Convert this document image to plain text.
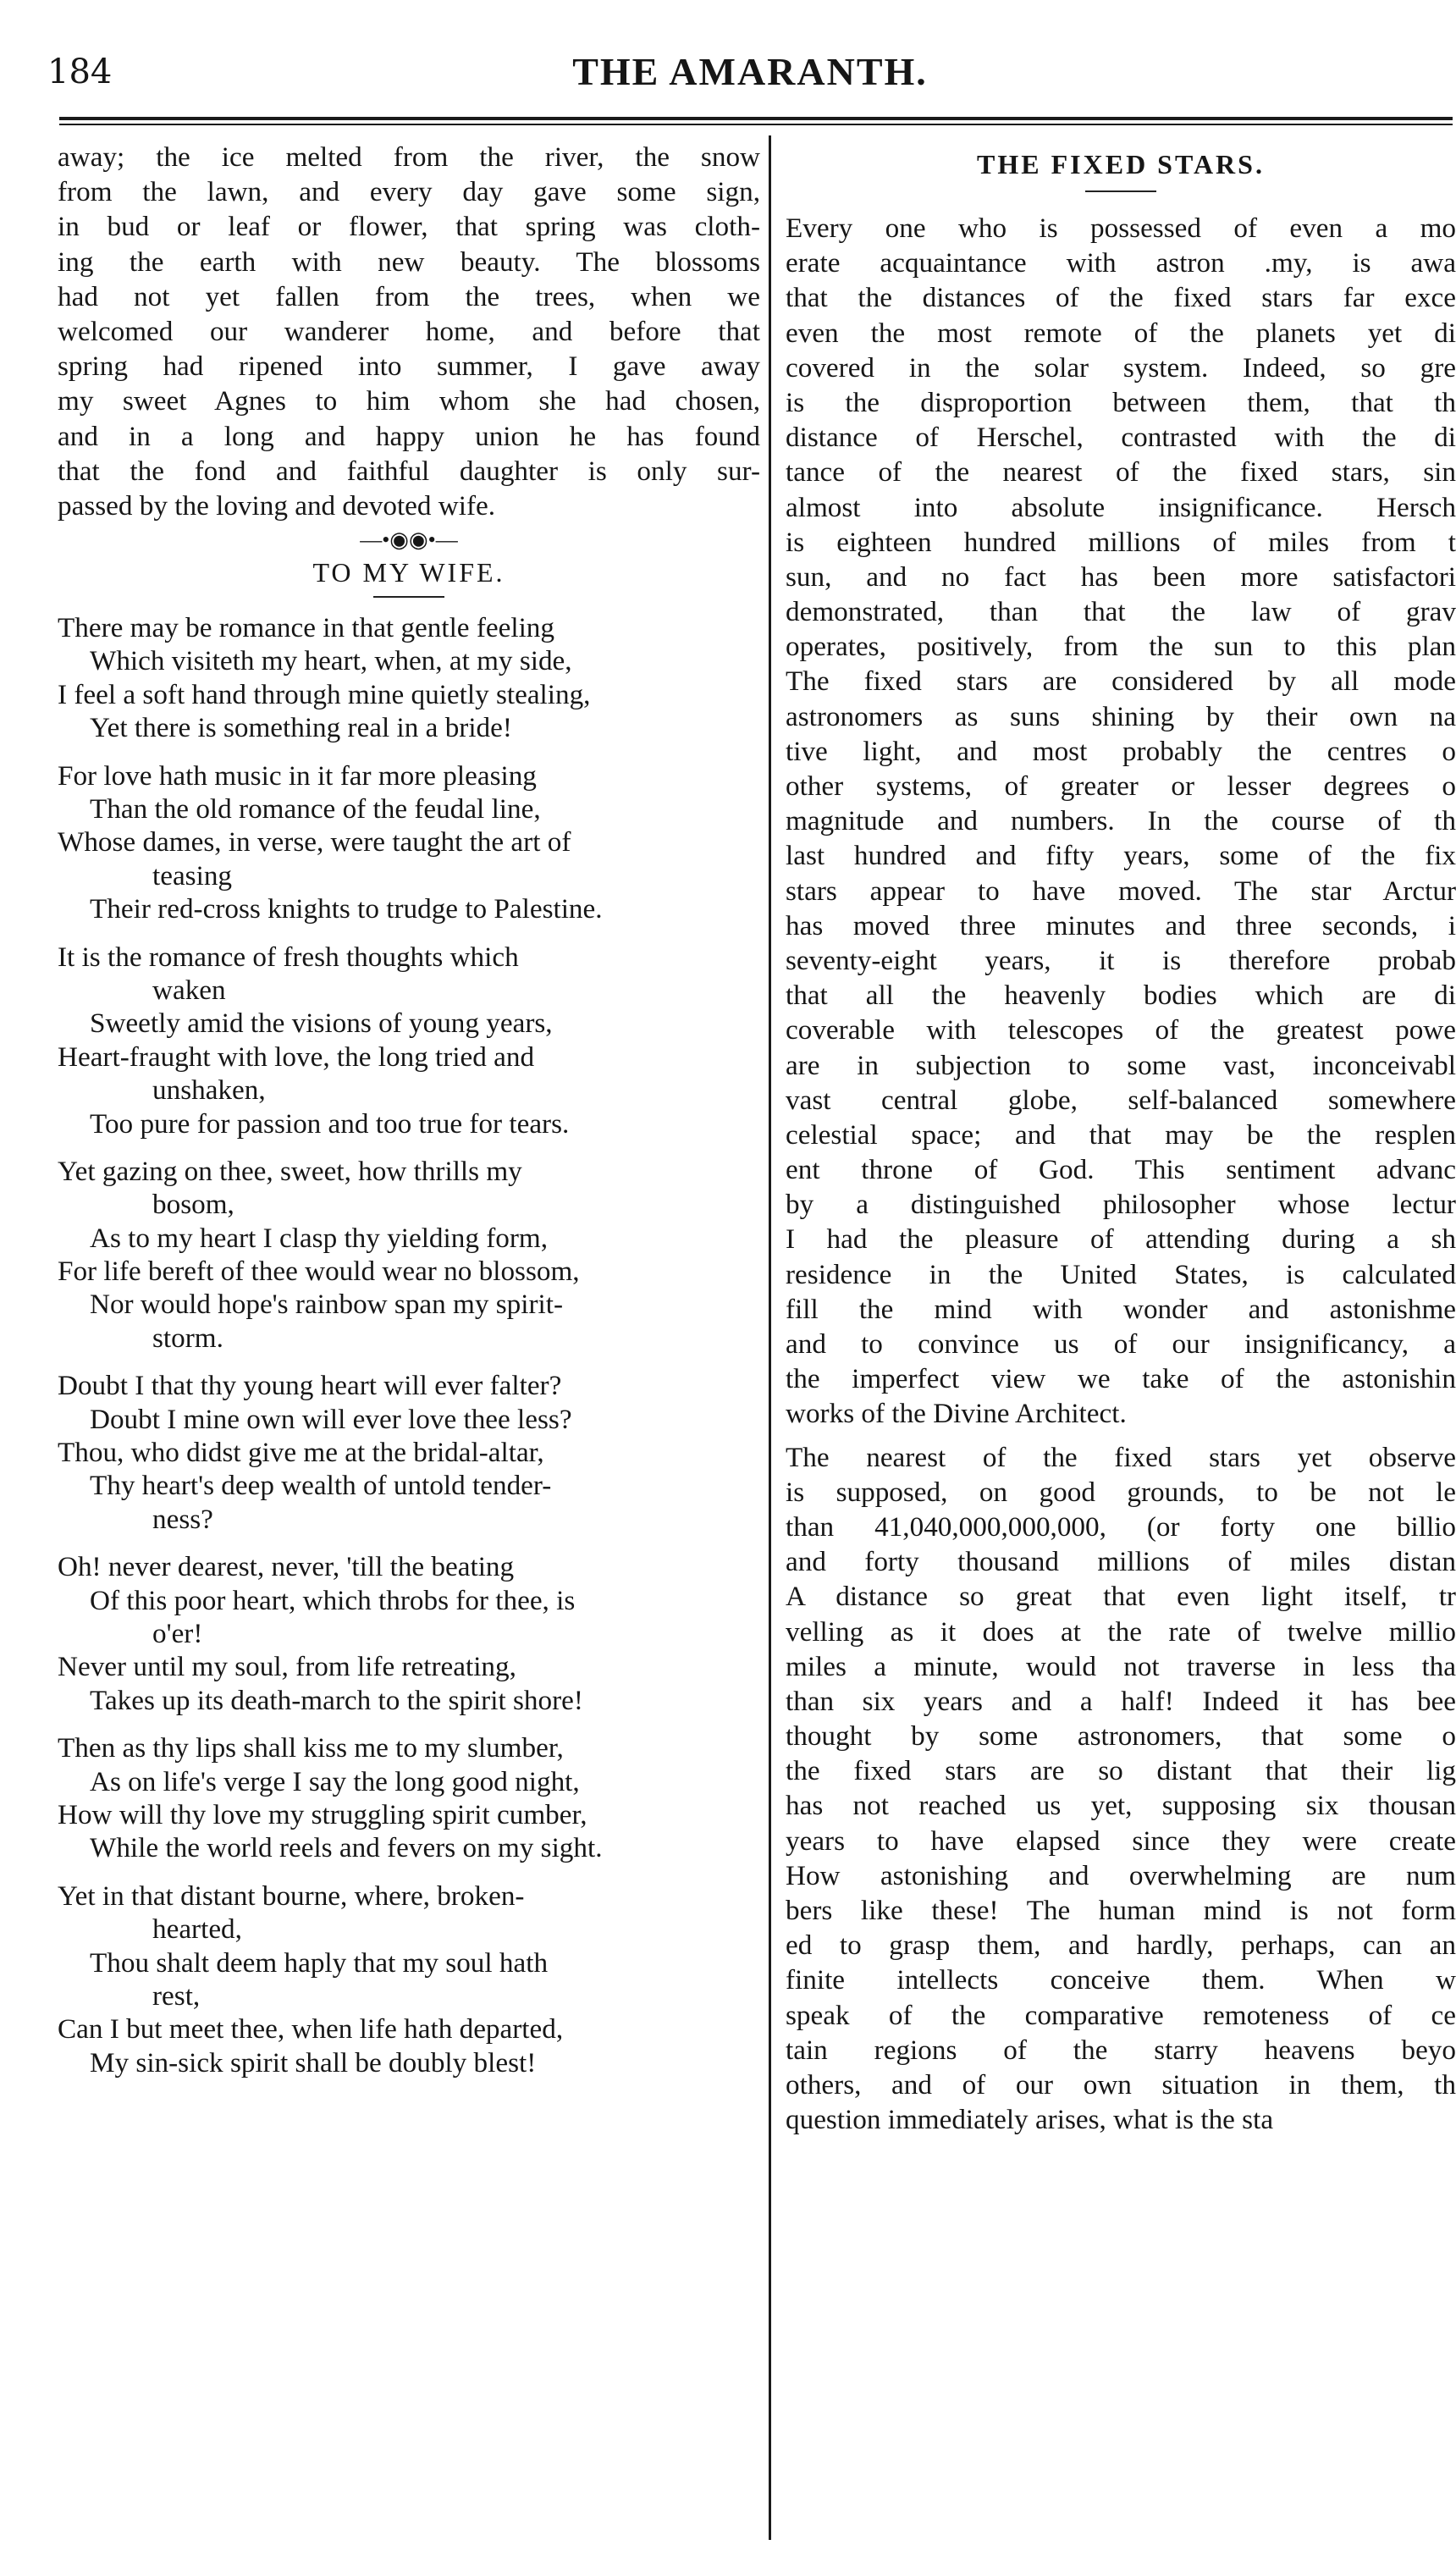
184	THE AMARANTH.
away; the ice melted from the river, the snow
from the lawn, and every day gave some sign,
in bud or leaf or flower, that spring was cloth-
ing the earth with new beauty. The blossoms
had not yet fallen from the trees, when we
welcomed our wanderer home, and before that
spring had ripened into summer, I gave away
my sweet Agnes to him whom she had chosen,
and in a long and happy union he has found
that the fond and faithful daughter is only sur-
passed by the loving and devoted wife.
—•◉◉•—
TO MY WIFE.
There may be romance in that gentle feeling
Which visiteth my heart, when, at my side,
I feel a soft hand through mine quietly stealing,
Yet there is something real in a bride!
For love hath music in it far more pleasing
Than the old romance of the feudal line,
Whose dames, in verse, were taught the art of
teasing
Their red-cross knights to trudge to Palestine.
It is the romance of fresh thoughts which
waken
Sweetly amid the visions of young years,
Heart-fraught with love, the long tried and
unshaken,
Too pure for passion and too true for tears.
Yet gazing on thee, sweet, how thrills my
bosom,
As to my heart I clasp thy yielding form,
For life bereft of thee would wear no blossom,
Nor would hope's rainbow span my spirit-
storm.
Doubt I that thy young heart will ever falter?
Doubt I mine own will ever love thee less?
Thou, who didst give me at the bridal-altar,
Thy heart's deep wealth of untold tender-
ness?
Oh! never dearest, never, 'till the beating
Of this poor heart, which throbs for thee, is
o'er!
Never until my soul, from life retreating,
Takes up its death-march to the spirit shore!
Then as thy lips shall kiss me to my slumber,
As on life's verge I say the long good night,
How will thy love my struggling spirit cumber,
While the world reels and fevers on my sight.
Yet in that distant bourne, where, broken-
hearted,
Thou shalt deem haply that my soul hath
rest,
Can I but meet thee, when life hath departed,
My sin-sick spirit shall be doubly blest!
THE FIXED STARS.
Every one who is possessed of even a mo
erate acquaintance with astron .my, is awa
that the distances of the fixed stars far exce
even the most remote of the planets yet di
covered in the solar system. Indeed, so gre
is the disproportion between them, that th
distance of Herschel, contrasted with the di
tance of the nearest of the fixed stars, sin
almost into absolute insignificance. Hersch
is eighteen hundred millions of miles from t
sun, and no fact has been more satisfactori
demonstrated, than that the law of grav
operates, positively, from the sun to this plan
The fixed stars are considered by all mode
astronomers as suns shining by their own na
tive light, and most probably the centres o
other systems, of greater or lesser degrees o
magnitude and numbers. In the course of th
last hundred and fifty years, some of the fix
stars appear to have moved. The star Arctur
has moved three minutes and three seconds, i
seventy-eight years, it is therefore probab
that all the heavenly bodies which are di
coverable with telescopes of the greatest powe
are in subjection to some vast, inconceivabl
vast central globe, self-balanced somewhere
celestial space; and that may be the resplen
ent throne of God. This sentiment advanc
by a distinguished philosopher whose lectur
I had the pleasure of attending during a sh
residence in the United States, is calculated
fill the mind with wonder and astonishme
and to convince us of our insignificancy, a
the imperfect view we take of the astonishin
works of the Divine Architect.
The nearest of the fixed stars yet observe
is supposed, on good grounds, to be not le
than 41,040,000,000,000, (or forty one billio
and forty thousand millions of miles distan
A distance so great that even light itself, tr
velling as it does at the rate of twelve millio
miles a minute, would not traverse in less tha
than six years and a half! Indeed it has bee
thought by some astronomers, that some o
the fixed stars are so distant that their lig
has not reached us yet, supposing six thousan
years to have elapsed since they were create
How astonishing and overwhelming are num
bers like these! The human mind is not form
ed to grasp them, and hardly, perhaps, can an
finite intellects conceive them. When w
speak of the comparative remoteness of ce
tain regions of the starry heavens beyo
others, and of our own situation in them, th
question immediately arises, what is the sta
